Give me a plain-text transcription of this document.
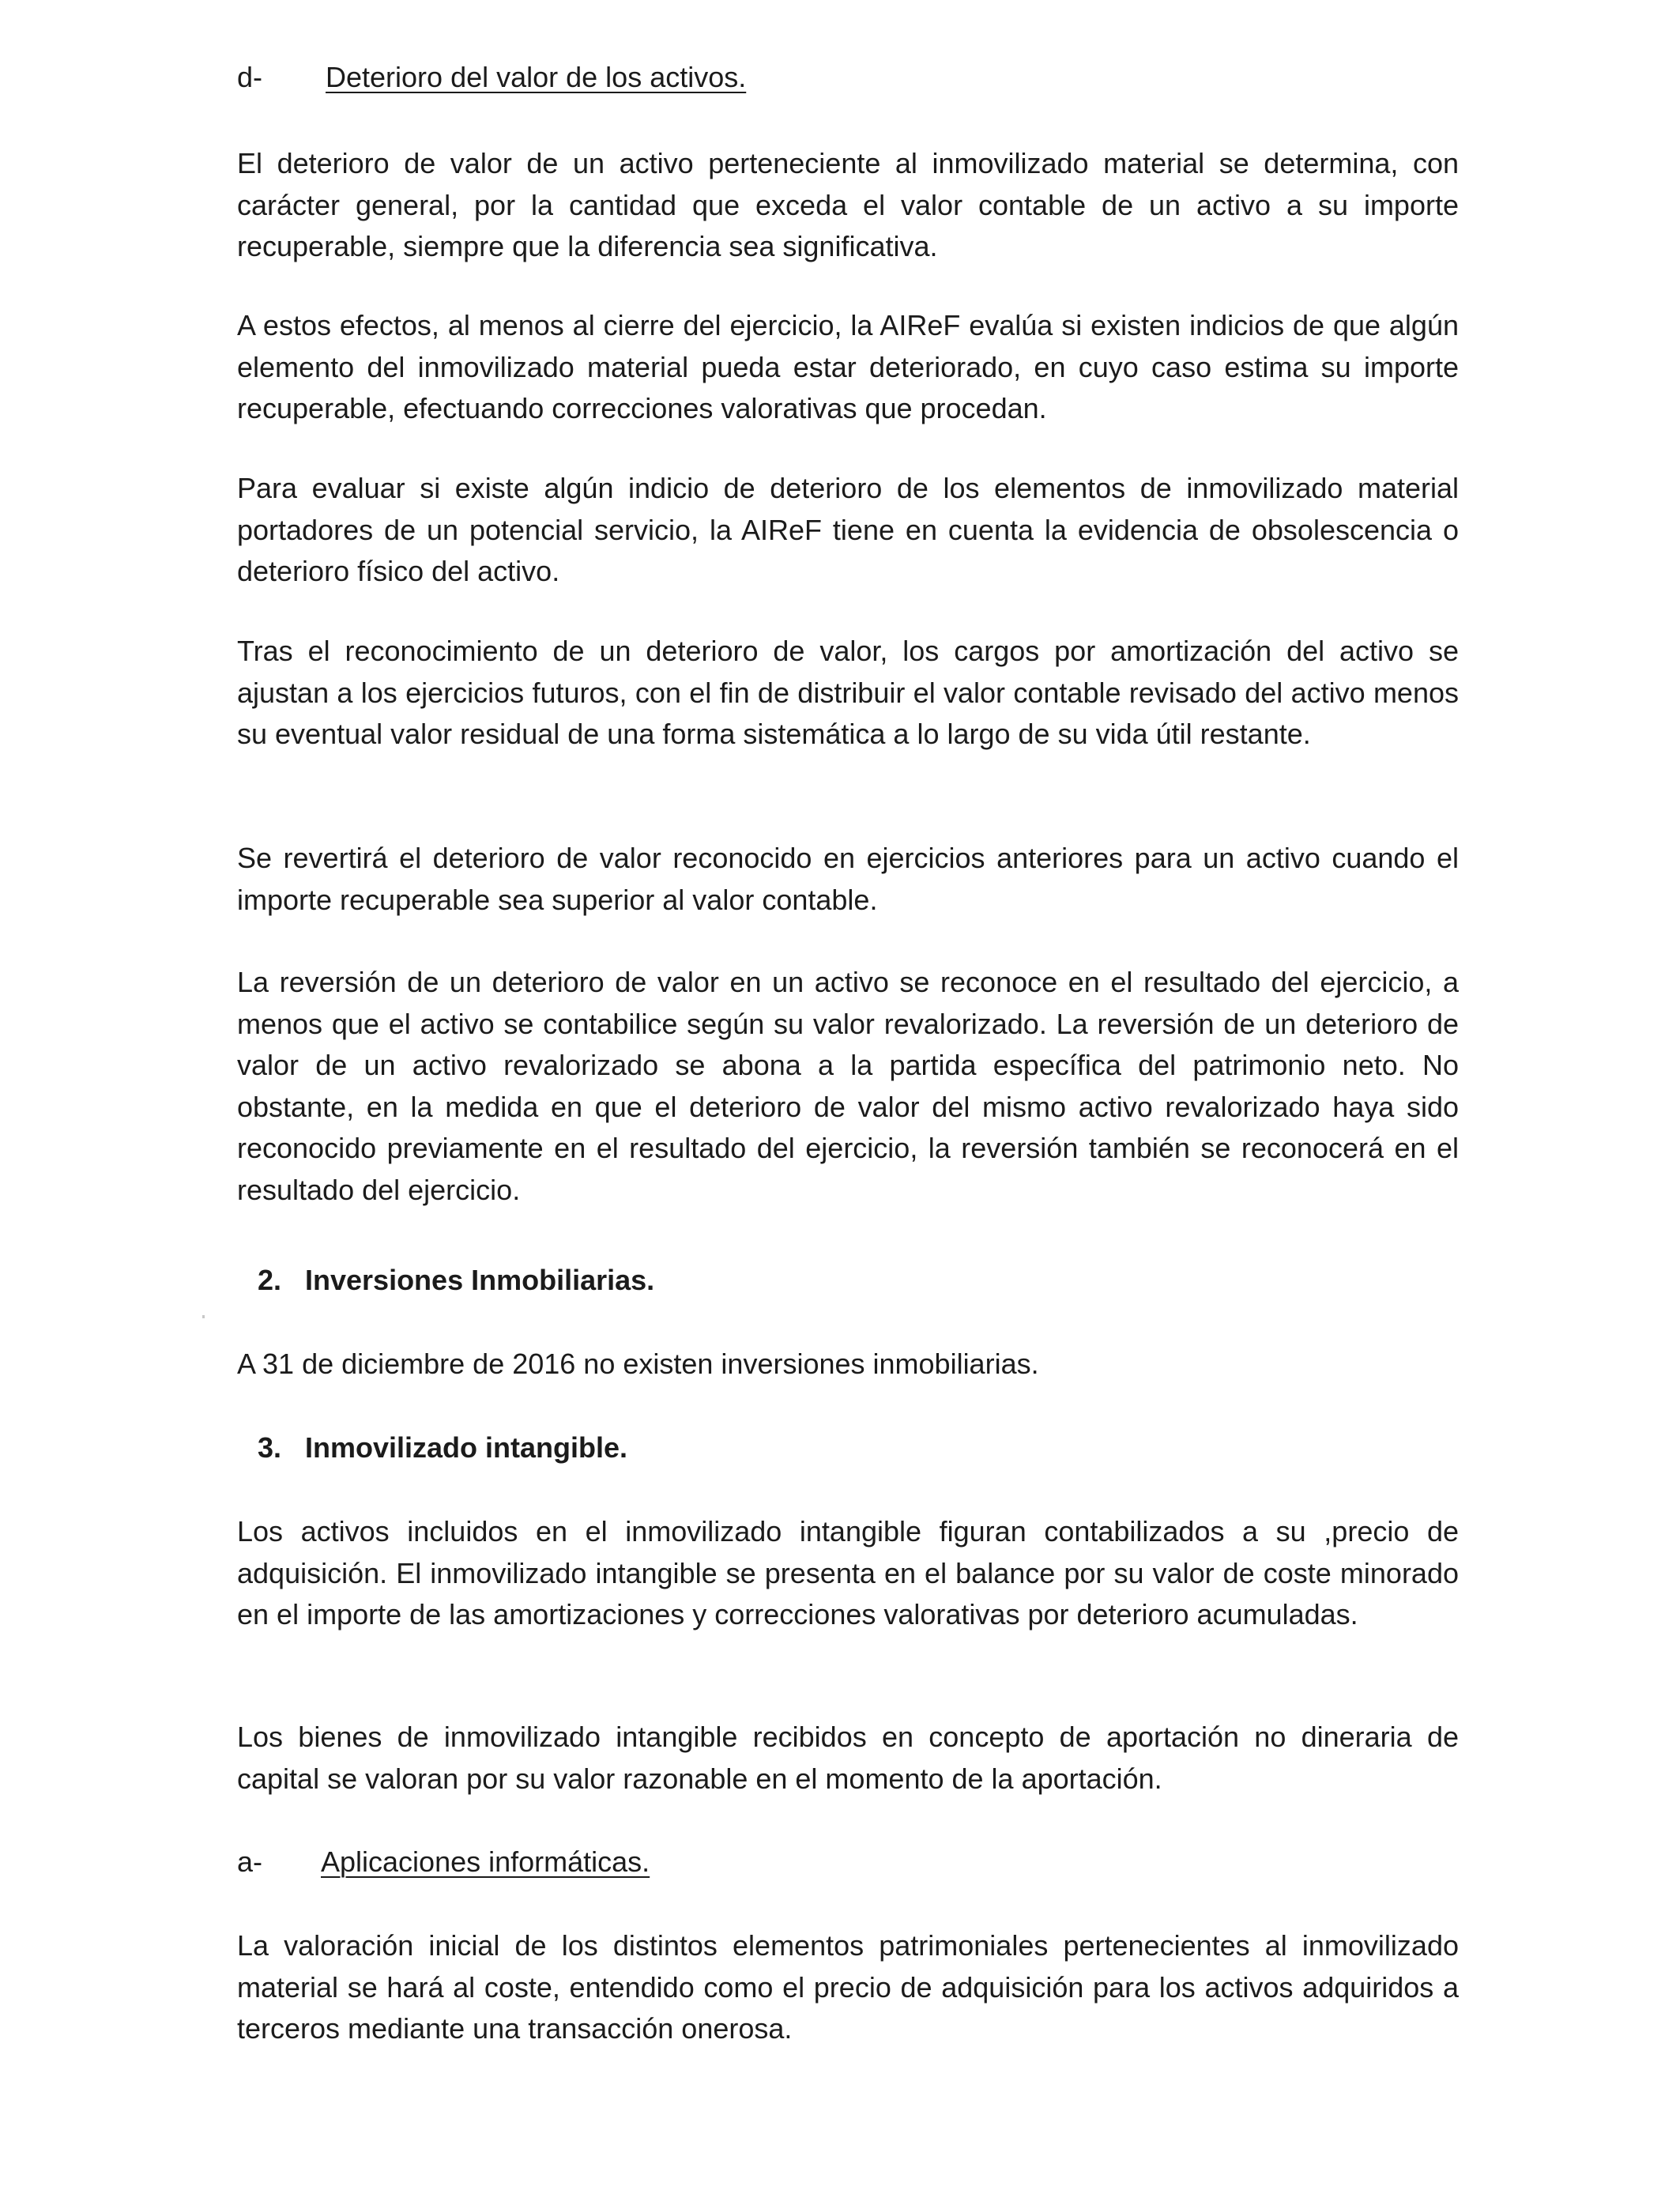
d- Deterioro del valor de los activos.

El deterioro de valor de un activo perteneciente al inmovilizado material se determina, con carácter general, por la cantidad que exceda el valor contable de un activo a su importe recuperable, siempre que la diferencia sea significativa.

A estos efectos, al menos al cierre del ejercicio, la AIReF evalúa si existen indicios de que algún elemento del inmovilizado material pueda estar deteriorado, en cuyo caso estima su importe recuperable, efectuando correcciones valorativas que procedan.

Para evaluar si existe algún indicio de deterioro de los elementos de inmovilizado material portadores de un potencial servicio, la AIReF tiene en cuenta la evidencia de obsolescencia o deterioro físico del activo.

Tras el reconocimiento de un deterioro de valor, los cargos por amortización del activo se ajustan a los ejercicios futuros, con el fin de distribuir el valor contable revisado del activo menos su eventual valor residual de una forma sistemática a lo largo de su vida útil restante.

Se revertirá el deterioro de valor reconocido en ejercicios anteriores para un activo cuando el importe recuperable sea superior al valor contable.

La reversión de un deterioro de valor en un activo se reconoce en el resultado del ejercicio, a menos que el activo se contabilice según su valor revalorizado. La reversión de un deterioro de valor de un activo revalorizado se abona a la partida específica del patrimonio neto. No obstante, en la medida en que el deterioro de valor del mismo activo revalorizado haya sido reconocido previamente en el resultado del ejercicio, la reversión también se reconocerá en el resultado del ejercicio.

2. Inversiones Inmobiliarias.
A 31 de diciembre de 2016 no existen inversiones inmobiliarias.
3. Inmovilizado intangible.

Los activos incluidos en el inmovilizado intangible figuran contabilizados a su ,precio de adquisición. El inmovilizado intangible se presenta en el balance por su valor de coste minorado en el importe de las amortizaciones y correcciones valorativas por deterioro acumuladas.

Los bienes de inmovilizado intangible recibidos en concepto de aportación no dineraria de capital se valoran por su valor razonable en el momento de la aportación.

a- Aplicaciones informáticas.

La valoración inicial de los distintos elementos patrimoniales pertenecientes al inmovilizado material se hará al coste, entendido como el precio de adquisición para los activos adquiridos a terceros mediante una transacción onerosa.
